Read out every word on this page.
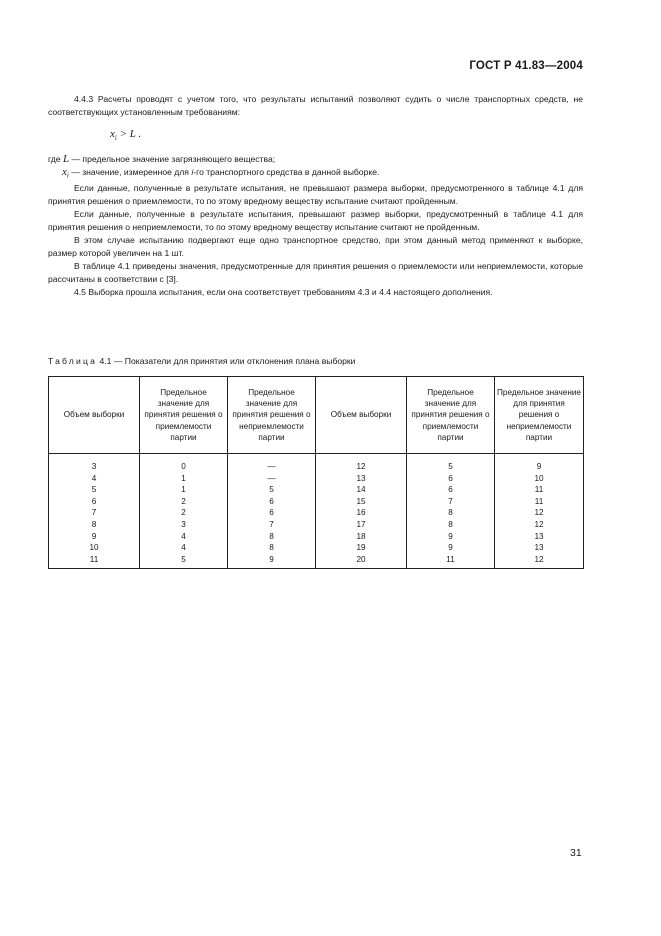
ГОСТ Р 41.83—2004

4.4.3 Расчеты проводят с учетом того, что результаты испытаний позволяют судить о числе транспортных средств, не соответствующих установленным требованиям:

$x_i > L$ .

где L — предельное значение загрязняющего вещества;

$x_i$ — значение, измеренное для i-го транспортного средства в данной выборке.

Если данные, полученные в результате испытания, не превышают размера выборки, предусмотренного в таблице 4.1 для принятия решения о приемлемости, то по этому вредному веществу испытание считают пройденным.

Если данные, полученные в результате испытания, превышают размер выборки, предусмотренный в таблице 4.1 для принятия решения о неприемлемости, то по этому вредному веществу испытание считают не пройденным.

В этом случае испытанию подвергают еще одно транспортное средство, при этом данный метод применяют к выборке, размер которой увеличен на 1 шт.

В таблице 4.1 приведены значения, предусмотренные для принятия решения о приемлемости или неприемлемости, которые рассчитаны в соответствии с [3].

4.5 Выборка прошла испытания, если она соответствует требованиям 4.3 и 4.4 настоящего дополнения.

Таблица 4.1 — Показатели для принятия или отклонения плана выборки
Объем выборки	Предельное значение для принятия решения о приемлемости партии	Предельное значение для принятия решения о неприемлемости партии	Объем выборки	Предельное значение для принятия решения о приемлемости партии	Предельное значение для принятия решения о неприемлемости партии
3	0	—	12	5	9
4	1	—	13	6	10
5	1	5	14	6	11
6	2	6	15	7	11
7	2	6	16	8	12
8	3	7	17	8	12
9	4	8	18	9	13
10	4	8	19	9	13
11	5	9	20	11	12
31
